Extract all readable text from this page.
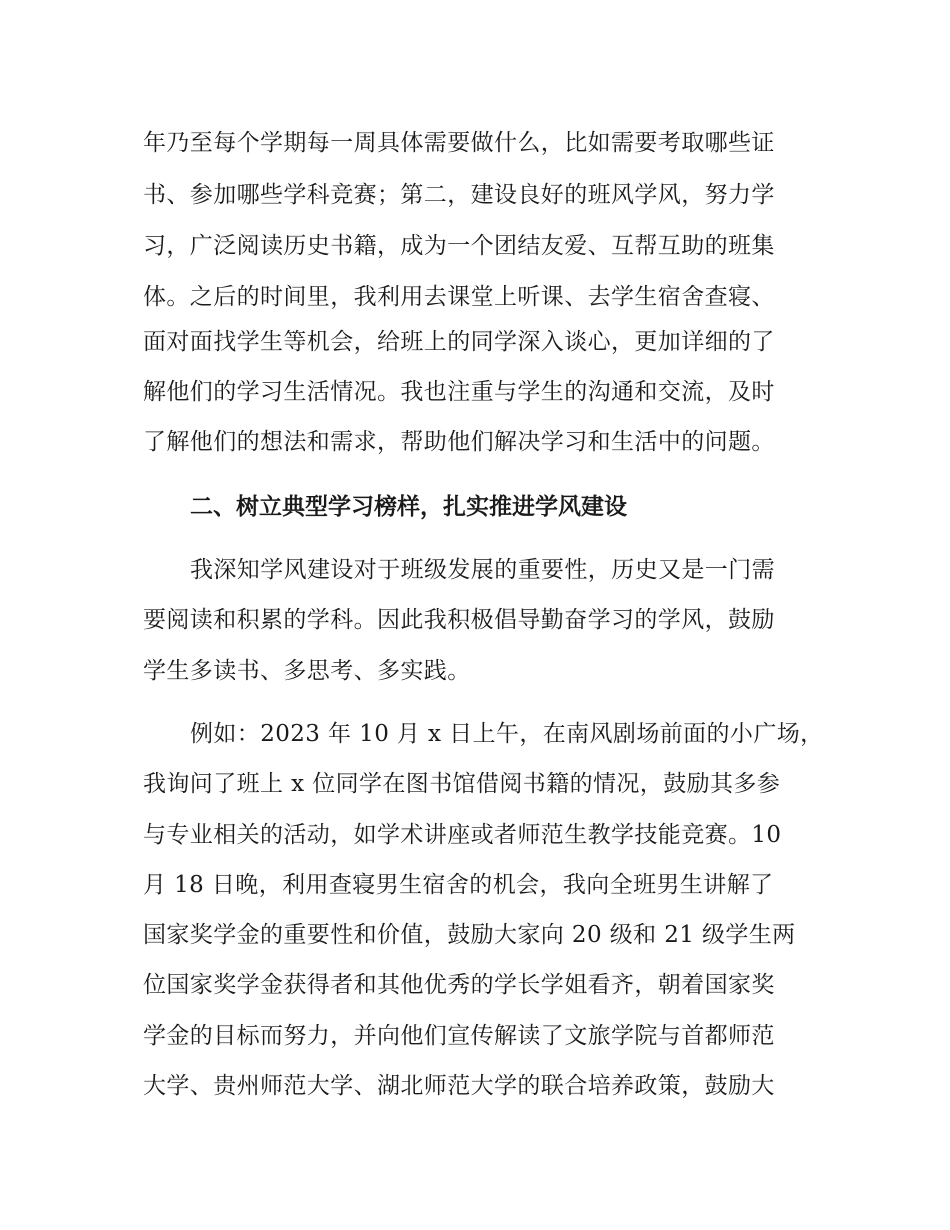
年乃至每个学期每一周具体需要做什么，比如需要考取哪些证
书、参加哪些学科竞赛；第二，建设良好的班风学风，努力学
习，广泛阅读历史书籍，成为一个团结友爱、互帮互助的班集
体。之后的时间里，我利用去课堂上听课、去学生宿舍查寝、
面对面找学生等机会，给班上的同学深入谈心，更加详细的了
解他们的学习生活情况。我也注重与学生的沟通和交流，及时
了解他们的想法和需求，帮助他们解决学习和生活中的问题。
二、树立典型学习榜样，扎实推进学风建设
我深知学风建设对于班级发展的重要性，历史又是一门需
要阅读和积累的学科。因此我积极倡导勤奋学习的学风，鼓励
学生多读书、多思考、多实践。
例如：2023 年 10 月 x 日上午，在南风剧场前面的小广场，
我询问了班上 x 位同学在图书馆借阅书籍的情况，鼓励其多参
与专业相关的活动，如学术讲座或者师范生教学技能竞赛。10
月 18 日晚，利用查寝男生宿舍的机会，我向全班男生讲解了
国家奖学金的重要性和价值，鼓励大家向 20 级和 21 级学生两
位国家奖学金获得者和其他优秀的学长学姐看齐，朝着国家奖
学金的目标而努力，并向他们宣传解读了文旅学院与首都师范
大学、贵州师范大学、湖北师范大学的联合培养政策，鼓励大
